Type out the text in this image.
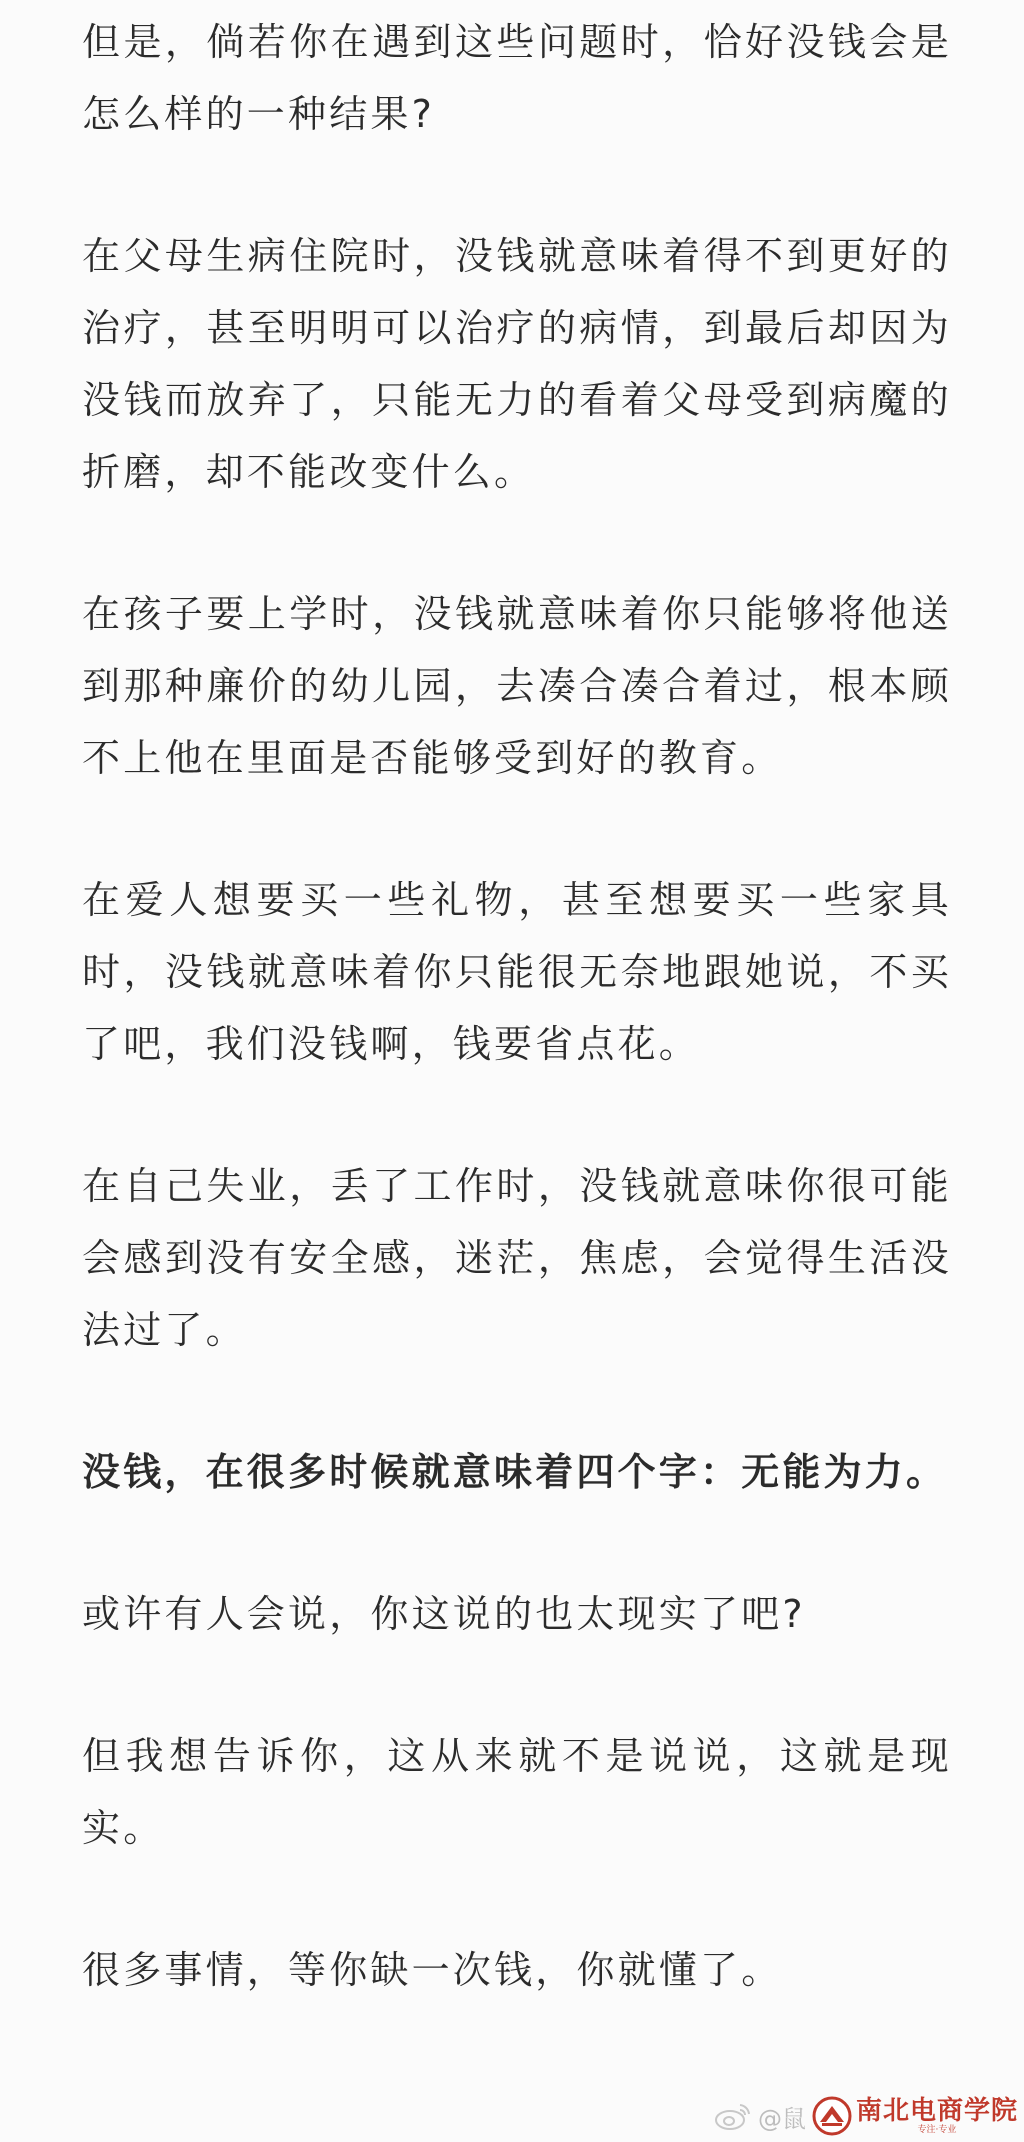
但是，倘若你在遇到这些问题时，恰好没钱会是怎么样的一种结果?

在父母生病住院时，没钱就意味着得不到更好的治疗，甚至明明可以治疗的病情，到最后却因为没钱而放弃了，只能无力的看着父母受到病魔的折磨，却不能改变什么。

在孩子要上学时，没钱就意味着你只能够将他送到那种廉价的幼儿园，去凑合凑合着过，根本顾不上他在里面是否能够受到好的教育。

在爱人想要买一些礼物，甚至想要买一些家具时，没钱就意味着你只能很无奈地跟她说，不买了吧，我们没钱啊，钱要省点花。

在自己失业，丢了工作时，没钱就意味你很可能会感到没有安全感，迷茫，焦虑，会觉得生活没法过了。

没钱，在很多时候就意味着四个字：无能为力。

或许有人会说，你这说的也太现实了吧?

但我想告诉你，这从来就不是说说，这就是现实。

很多事情，等你缺一次钱，你就懂了。

@鼠 南北电商学院
专注·专业
